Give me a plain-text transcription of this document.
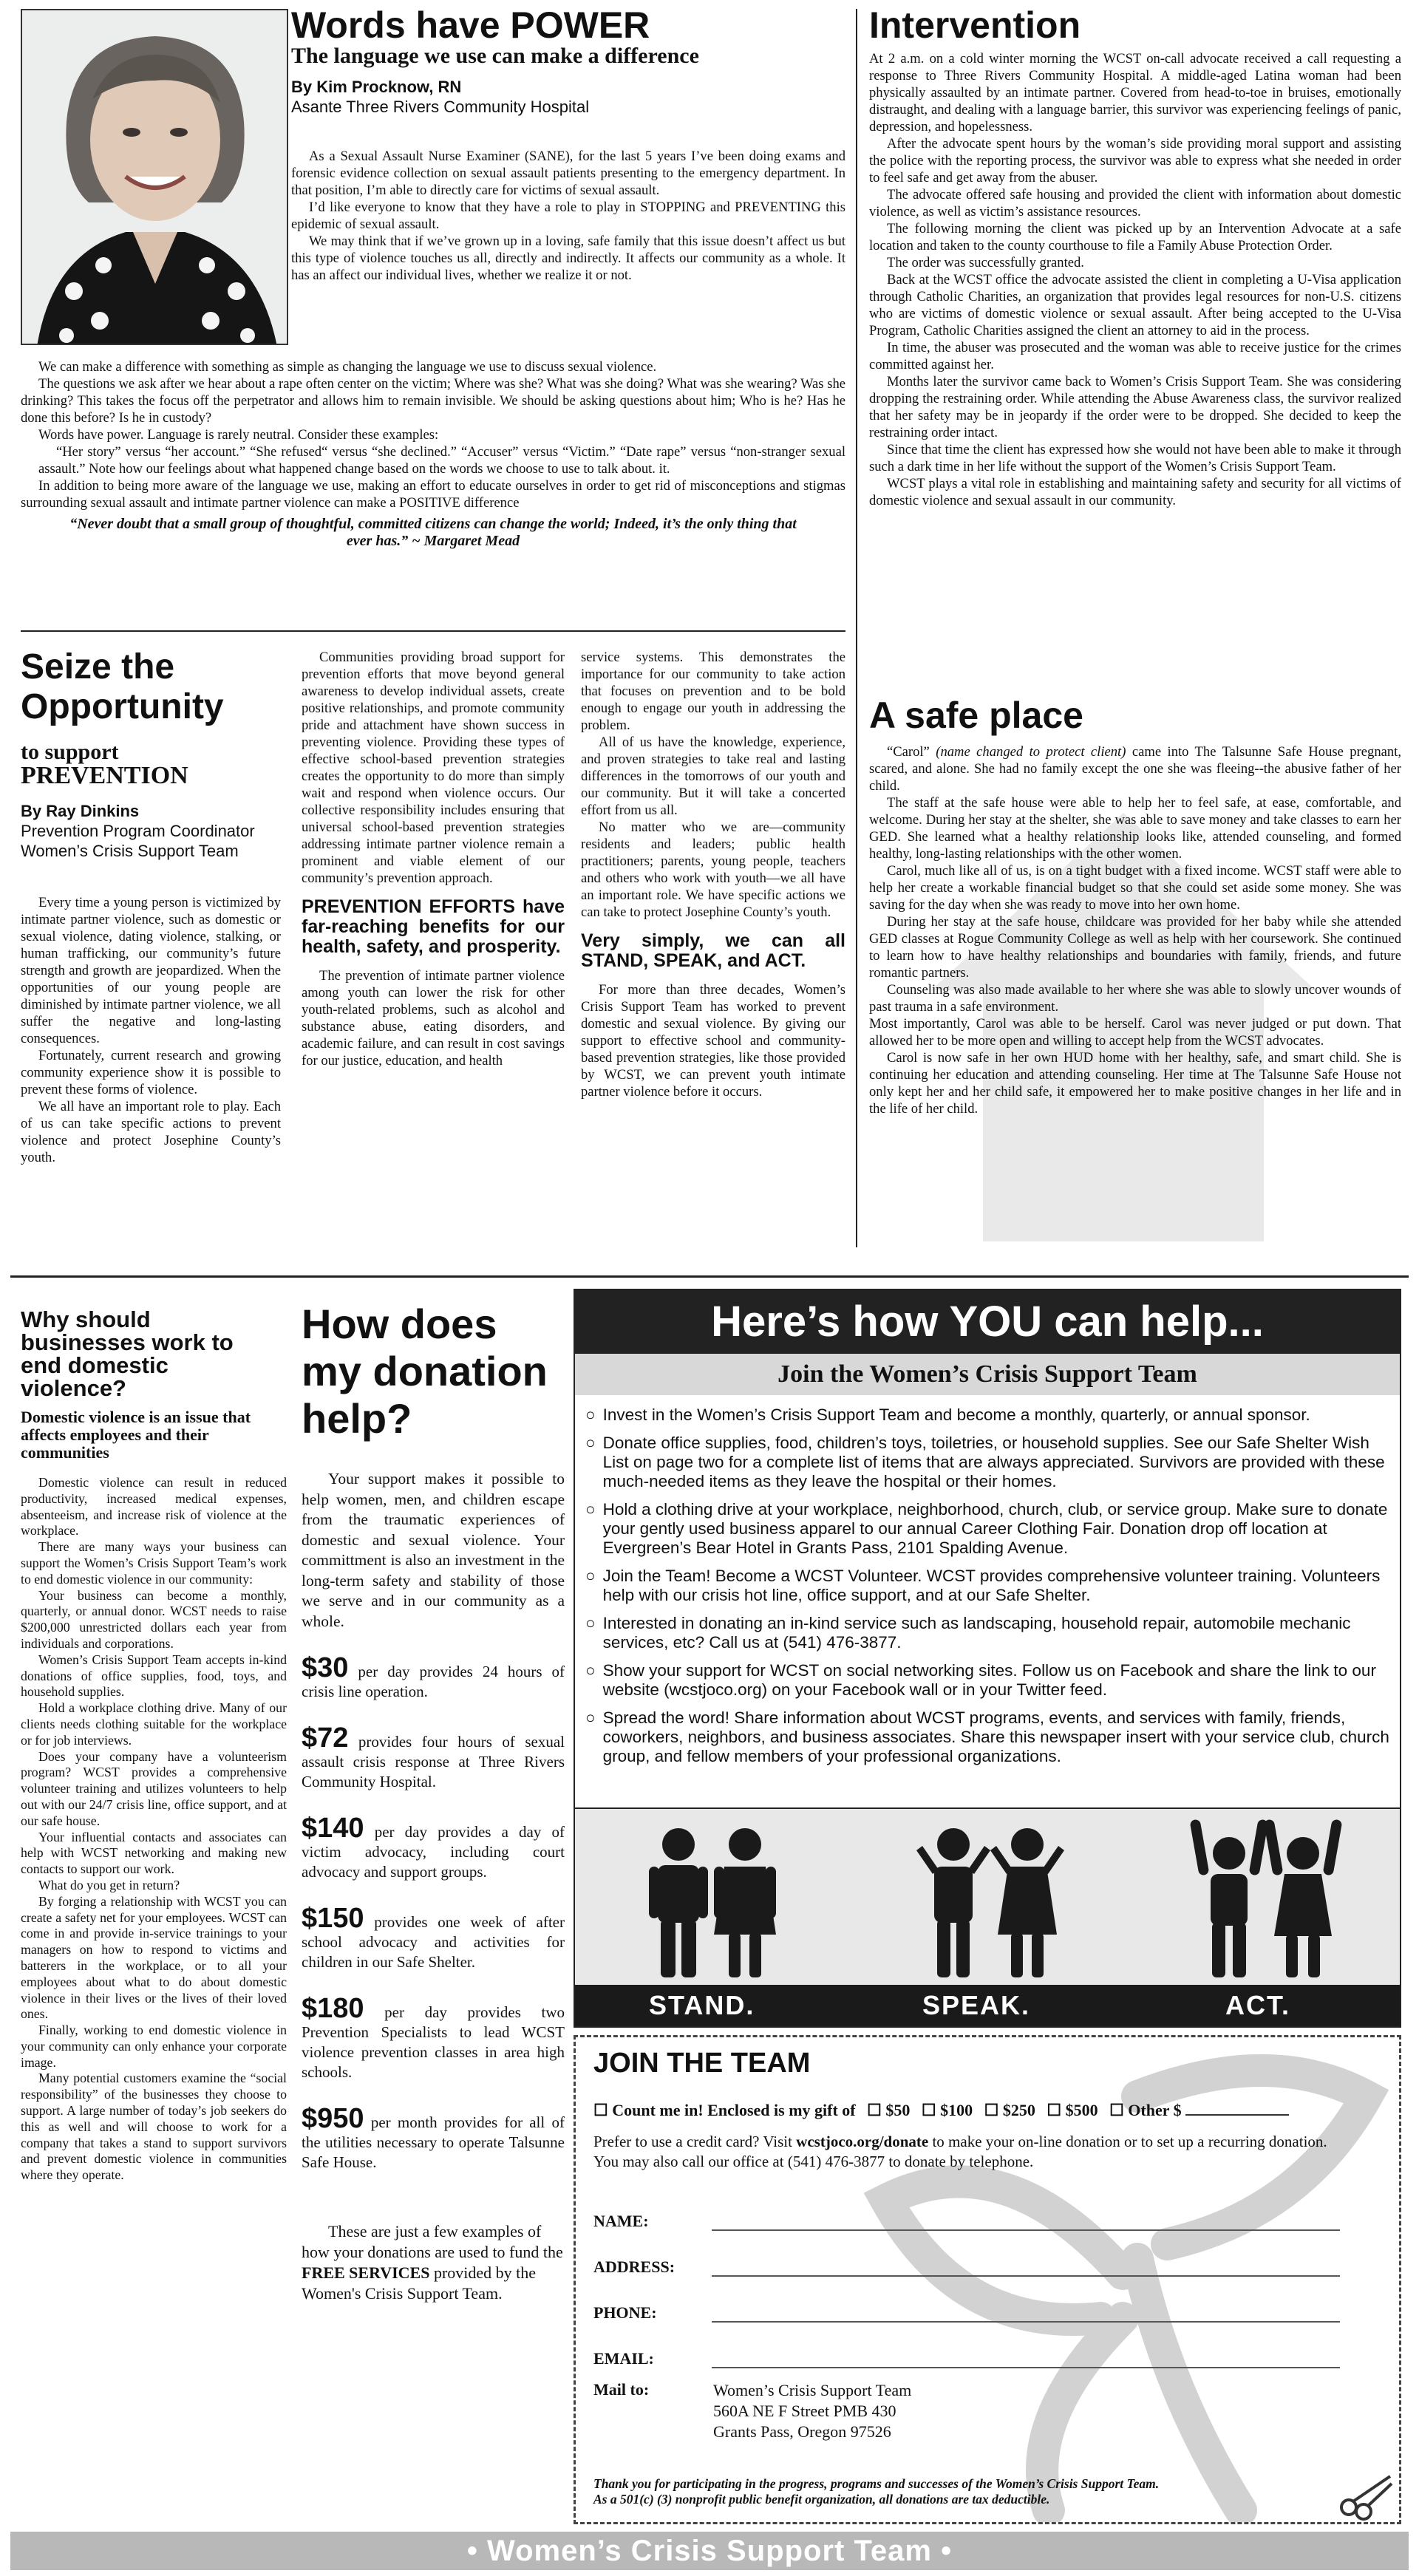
Words have POWER
The language we use can make a difference
By Kim Procknow, RN
Asante Three Rivers Community Hospital

As a Sexual Assault Nurse Examiner (SANE), for the last 5 years I’ve been doing exams and forensic evidence collection on sexual assault patients presenting to the emergency department. In that position, I’m able to directly care for victims of sexual assault.

I’d like everyone to know that they have a role to play in STOPPING and PREVENTING this epidemic of sexual assault.

We may think that if we’ve grown up in a loving, safe family that this issue doesn’t affect us but this type of violence touches us all, directly and indirectly. It affects our community as a whole. It has an affect our individual lives, whether we realize it or not.

We can make a difference with something as simple as changing the language we use to discuss sexual violence.

The questions we ask after we hear about a rape often center on the victim; Where was she? What was she doing? What was she wearing? Was she drinking? This takes the focus off the perpetrator and allows him to remain invisible. We should be asking questions about him; Who is he? Has he done this before? Is he in custody?

Words have power. Language is rarely neutral. Consider these examples:

“Her story” versus “her account.” “She refused“ versus “she declined.” “Accuser” versus “Victim.” “Date rape” versus “non-stranger sexual assault.” Note how our feelings about what happened change based on the words we choose to use to talk about. it.

In addition to being more aware of the language we use, making an effort to educate ourselves in order to get rid of misconceptions and stigmas surrounding sexual assault and intimate partner violence can make a POSITIVE difference

“Never doubt that a small group of thoughtful, committed citizens can change the world; Indeed, it’s the only thing that ever has.” ~ Margaret Mead

Seize the Opportunity
to support
PREVENTION
By Ray Dinkins
Prevention Program Coordinator
Women’s Crisis Support Team

Every time a young person is victimized by intimate partner violence, such as domestic or sexual violence, dating violence, stalking, or human trafficking, our community’s future strength and growth are jeopardized. When the opportunities of our young people are diminished by intimate partner violence, we all suffer the negative and long-lasting consequences.

Fortunately, current research and growing community experience show it is possible to prevent these forms of violence.

We all have an important role to play. Each of us can take specific actions to prevent violence and protect Josephine County’s youth.

Communities providing broad support for prevention efforts that move beyond general awareness to develop individual assets, create positive relationships, and promote community pride and attachment have shown success in preventing violence. Providing these types of effective school-based prevention strategies creates the opportunity to do more than simply wait and respond when violence occurs. Our collective responsibility includes ensuring that universal school-based prevention strategies addressing intimate partner violence remain a prominent and viable element of our community’s prevention approach.

PREVENTION EFFORTS have far-reaching benefits for our health, safety, and prosperity.

The prevention of intimate partner violence among youth can lower the risk for other youth-related problems, such as alcohol and substance abuse, eating disorders, and academic failure, and can result in cost savings for our justice, education, and health

service systems. This demonstrates the importance for our community to take action that focuses on prevention and to be bold enough to engage our youth in addressing the problem.

All of us have the knowledge, experience, and proven strategies to take real and lasting differences in the tomorrows of our youth and our community. But it will take a concerted effort from us all.

No matter who we are—community residents and leaders; public health practitioners; parents, young people, teachers and others who work with youth—we all have an important role. We have specific actions we can take to protect Josephine County’s youth.

Very simply, we can all STAND, SPEAK, and ACT.

For more than three decades, Women’s Crisis Support Team has worked to prevent domestic and sexual violence. By giving our support to effective school and community-based prevention strategies, like those provided by WCST, we can prevent youth intimate partner violence before it occurs.

Intervention

At 2 a.m. on a cold winter morning the WCST on-call advocate received a call requesting a response to Three Rivers Community Hospital. A middle-aged Latina woman had been physically assaulted by an intimate partner. Covered from head-to-toe in bruises, emotionally distraught, and dealing with a language barrier, this survivor was experiencing feelings of panic, depression, and hopelessness.

After the advocate spent hours by the woman’s side providing moral support and assisting the police with the reporting process, the survivor was able to express what she needed in order to feel safe and get away from the abuser.

The advocate offered safe housing and provided the client with information about domestic violence, as well as victim’s assistance resources.

The following morning the client was picked up by an Intervention Advocate at a safe location and taken to the county courthouse to file a Family Abuse Protection Order.

The order was successfully granted.

Back at the WCST office the advocate assisted the client in completing a U-Visa application through Catholic Charities, an organization that provides legal resources for non-U.S. citizens who are victims of domestic violence or sexual assault. After being accepted to the U-Visa Program, Catholic Charities assigned the client an attorney to aid in the process.

In time, the abuser was prosecuted and the woman was able to receive justice for the crimes committed against her.

Months later the survivor came back to Women’s Crisis Support Team. She was considering dropping the restraining order. While attending the Abuse Awareness class, the survivor realized that her safety may be in jeopardy if the order were to be dropped. She decided to keep the restraining order intact.

Since that time the client has expressed how she would not have been able to make it through such a dark time in her life without the support of the Women’s Crisis Support Team.

WCST plays a vital role in establishing and maintaining safety and security for all victims of domestic violence and sexual assault in our community.

A safe place

“Carol” (name changed to protect client) came into The Talsunne Safe House pregnant, scared, and alone. She had no family except the one she was fleeing--the abusive father of her child.

The staff at the safe house were able to help her to feel safe, at ease, comfortable, and welcome. During her stay at the shelter, she was able to save money and take classes to earn her GED. She learned what a healthy relationship looks like, attended counseling, and formed healthy, long-lasting relationships with the other women.

Carol, much like all of us, is on a tight budget with a fixed income. WCST staff were able to help her create a workable financial budget so that she could set aside some money. She was saving for the day when she was ready to move into her own home.

During her stay at the safe house, childcare was provided for her baby while she attended GED classes at Rogue Community College as well as help with her coursework. She continued to learn how to have healthy relationships and boundaries with family, friends, and future romantic partners.

Counseling was also made available to her where she was able to slowly uncover wounds of past trauma in a safe environment.

Most importantly, Carol was able to be herself. Carol was never judged or put down. That allowed her to be more open and willing to accept help from the WCST advocates.

Carol is now safe in her own HUD home with her healthy, safe, and smart child. She is continuing her education and attending counseling. Her time at The Talsunne Safe House not only kept her and her child safe, it empowered her to make positive changes in her life and in the life of her child.

Why should businesses work to end domestic violence?
Domestic violence is an issue that affects employees and their communities

Domestic violence can result in reduced productivity, increased medical expenses, absenteeism, and increase risk of violence at the workplace.

There are many ways your business can support the Women’s Crisis Support Team’s work to end domestic violence in our community:

Your business can become a monthly, quarterly, or annual donor. WCST needs to raise $200,000 unrestricted dollars each year from individuals and corporations.

Women’s Crisis Support Team accepts in-kind donations of office supplies, food, toys, and household supplies.

Hold a workplace clothing drive. Many of our clients needs clothing suitable for the workplace or for job interviews.

Does your company have a volunteerism program? WCST provides a comprehensive volunteer training and utilizes volunteers to help out with our 24/7 crisis line, office support, and at our safe house.

Your influential contacts and associates can help with WCST networking and making new contacts to support our work.

What do you get in return?

By forging a relationship with WCST you can create a safety net for your employees. WCST can come in and provide in-service trainings to your managers on how to respond to victims and batterers in the workplace, or to all your employees about what to do about domestic violence in their lives or the lives of their loved ones.

Finally, working to end domestic violence in your community can only enhance your corporate image.

Many potential customers examine the “social responsibility” of the businesses they choose to support. A large number of today’s job seekers do this as well and will choose to work for a company that takes a stand to support survivors and prevent domestic violence in communities where they operate.

How does my donation help?

Your support makes it possible to help women, men, and children escape from the traumatic experiences of domestic and sexual violence. Your committment is also an investment in the long-term safety and stability of those we serve and in our community as a whole.

$30 per day provides 24 hours of crisis line operation.
$72 provides four hours of sexual assault crisis response at Three Rivers Community Hospital.
$140 per day provides a day of victim advocacy, including court advocacy and support groups.
$150 provides one week of after school advocacy and activities for children in our Safe Shelter.
$180 per day provides two Prevention Specialists to lead WCST violence prevention classes in area high schools.
$950 per month provides for all of the utilities necessary to operate Talsunne Safe House.

These are just a few examples of how your donations are used to fund the FREE SERVICES provided by the Women's Crisis Support Team.

Here’s how YOU can help...
Join the Women’s Crisis Support Team
○ Invest in the Women’s Crisis Support Team and become a monthly, quarterly, or annual sponsor.
○ Donate office supplies, food, children’s toys, toiletries, or household supplies. See our Safe Shelter Wish List on page two for a complete list of items that are always appreciated. Survivors are provided with these much-needed items as they leave the hospital or their homes.
○ Hold a clothing drive at your workplace, neighborhood, church, club, or service group. Make sure to donate your gently used business apparel to our annual Career Clothing Fair. Donation drop off location at Evergreen’s Bear Hotel in Grants Pass, 2101 Spalding Avenue.
○ Join the Team! Become a WCST Volunteer. WCST provides comprehensive volunteer training. Volunteers help with our crisis hot line, office support, and at our Safe Shelter.
○ Interested in donating an in-kind service such as landscaping, household repair, automobile mechanic services, etc? Call us at (541) 476-3877.
○ Show your support for WCST on social networking sites. Follow us on Facebook and share the link to our website (wcstjoco.org) on your Facebook wall or in your Twitter feed.
○ Spread the word! Share information about WCST programs, events, and services with family, friends, coworkers, neighbors, and business associates. Share this newspaper insert with your service club, church group, and fellow members of your professional organizations.
STAND.	SPEAK.	ACT.
JOIN THE TEAM
☐ Count me in! Enclosed is my gift of ☐ $50 ☐ $100 ☐ $250 ☐ $500 ☐ Other $

Prefer to use a credit card? Visit wcstjoco.org/donate to make your on-line donation or to set up a recurring donation. You may also call our office at (541) 476-3877 to donate by telephone.

NAME:
ADDRESS:
PHONE:
EMAIL:
Mail to:	Women’s Crisis Support Team
560A NE F Street PMB 430
Grants Pass, Oregon 97526
Thank you for participating in the progress, programs and successes of the Women’s Crisis Support Team.
As a 501(c) (3) nonprofit public benefit organization, all donations are tax deductible.
• Women’s Crisis Support Team •
